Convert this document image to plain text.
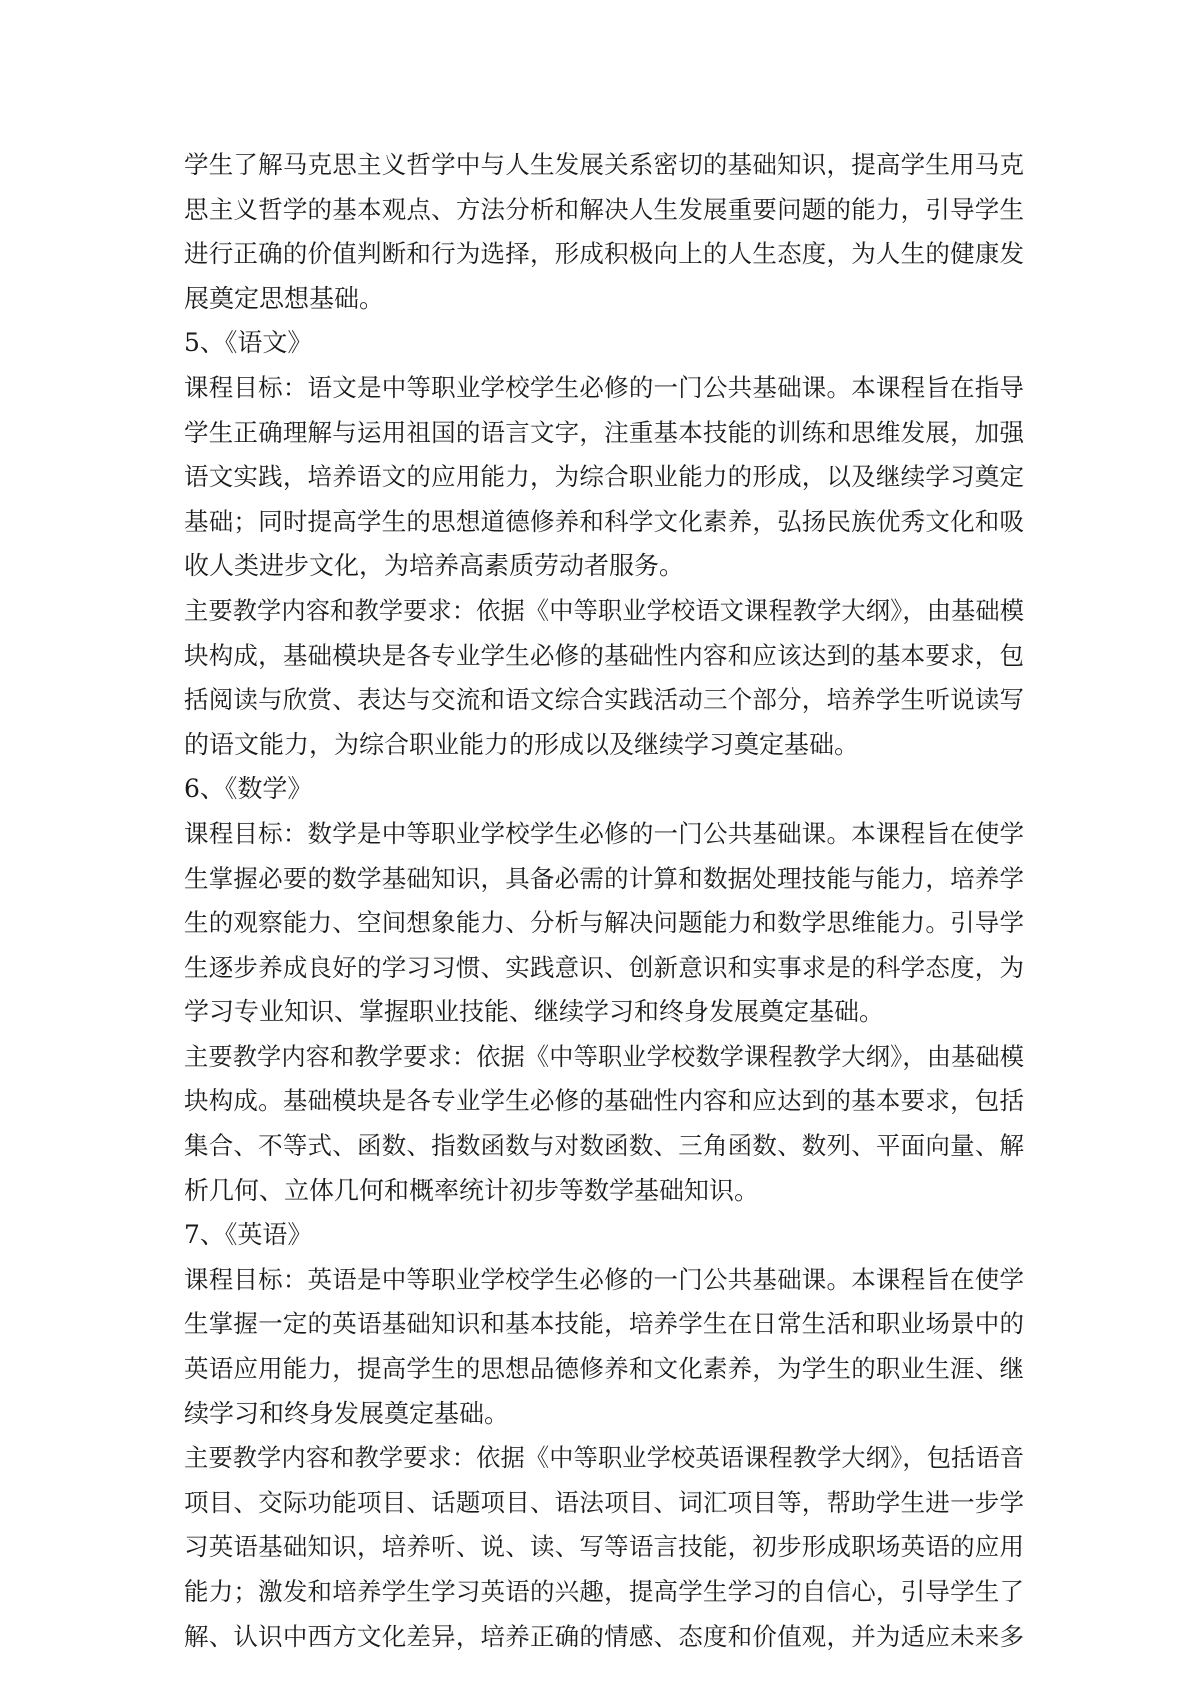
学生了解马克思主义哲学中与人生发展关系密切的基础知识，提高学生用马克
思主义哲学的基本观点、方法分析和解决人生发展重要问题的能力，引导学生
进行正确的价值判断和行为选择，形成积极向上的人生态度，为人生的健康发
展奠定思想基础。
5、《语文》
课程目标：语文是中等职业学校学生必修的一门公共基础课。本课程旨在指导
学生正确理解与运用祖国的语言文字，注重基本技能的训练和思维发展，加强
语文实践，培养语文的应用能力，为综合职业能力的形成，以及继续学习奠定
基础；同时提高学生的思想道德修养和科学文化素养，弘扬民族优秀文化和吸
收人类进步文化，为培养高素质劳动者服务。
主要教学内容和教学要求：依据《中等职业学校语文课程教学大纲》，由基础模
块构成，基础模块是各专业学生必修的基础性内容和应该达到的基本要求，包
括阅读与欣赏、表达与交流和语文综合实践活动三个部分，培养学生听说读写
的语文能力，为综合职业能力的形成以及继续学习奠定基础。
6、《数学》
课程目标：数学是中等职业学校学生必修的一门公共基础课。本课程旨在使学
生掌握必要的数学基础知识，具备必需的计算和数据处理技能与能力，培养学
生的观察能力、空间想象能力、分析与解决问题能力和数学思维能力。引导学
生逐步养成良好的学习习惯、实践意识、创新意识和实事求是的科学态度，为
学习专业知识、掌握职业技能、继续学习和终身发展奠定基础。
主要教学内容和教学要求：依据《中等职业学校数学课程教学大纲》，由基础模
块构成。基础模块是各专业学生必修的基础性内容和应达到的基本要求，包括
集合、不等式、函数、指数函数与对数函数、三角函数、数列、平面向量、解
析几何、立体几何和概率统计初步等数学基础知识。
7、《英语》
课程目标：英语是中等职业学校学生必修的一门公共基础课。本课程旨在使学
生掌握一定的英语基础知识和基本技能，培养学生在日常生活和职业场景中的
英语应用能力，提高学生的思想品德修养和文化素养，为学生的职业生涯、继
续学习和终身发展奠定基础。
主要教学内容和教学要求：依据《中等职业学校英语课程教学大纲》，包括语音
项目、交际功能项目、话题项目、语法项目、词汇项目等，帮助学生进一步学
习英语基础知识，培养听、说、读、写等语言技能，初步形成职场英语的应用
能力；激发和培养学生学习英语的兴趣，提高学生学习的自信心，引导学生了
解、认识中西方文化差异，培养正确的情感、态度和价值观，并为适应未来多
